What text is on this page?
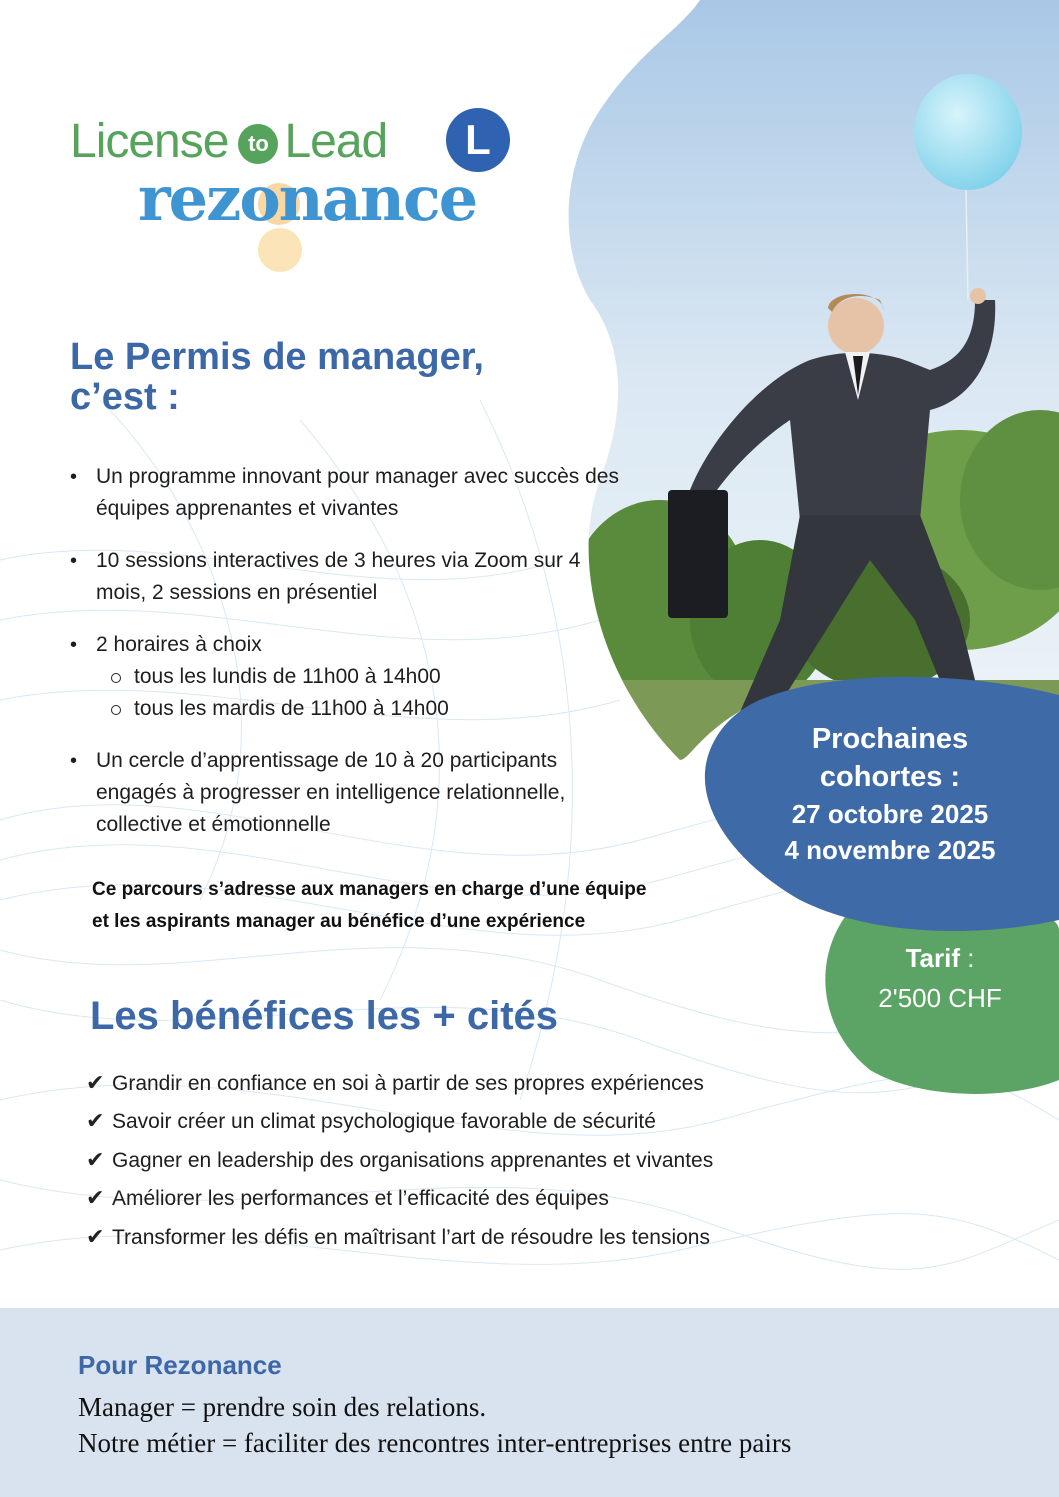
License to Lead	L
rezonance
Le Permis de manager, c’est :
• Un programme innovant pour manager avec succès des équipes apprenantes et vivantes
• 10 sessions interactives de 3 heures via Zoom sur 4 mois, 2 sessions en présentiel
• 2 horaires à choix
tous les lundis de 11h00 à 14h00
tous les mardis de 11h00 à 14h00
• Un cercle d’apprentissage de 10 à 20 participants engagés à progresser en intelligence relationnelle, collective et émotionnelle
Ce parcours s’adresse aux managers en charge d’une équipe
et les aspirants manager au bénéfice d’une expérience
Prochaines
cohortes :
27 octobre 2025
4 novembre 2025
Tarif :
2'500 CHF
Les bénéfices les + cités
✔ Grandir en confiance en soi à partir de ses propres expériences
✔ Savoir créer un climat psychologique favorable de sécurité
✔ Gagner en leadership des organisations apprenantes et vivantes
✔ Améliorer les performances et l’efficacité des équipes
✔ Transformer les défis en maîtrisant l’art de résoudre les tensions
Pour Rezonance
Manager = prendre soin des relations.
Notre métier = faciliter des rencontres inter-entreprises entre pairs
